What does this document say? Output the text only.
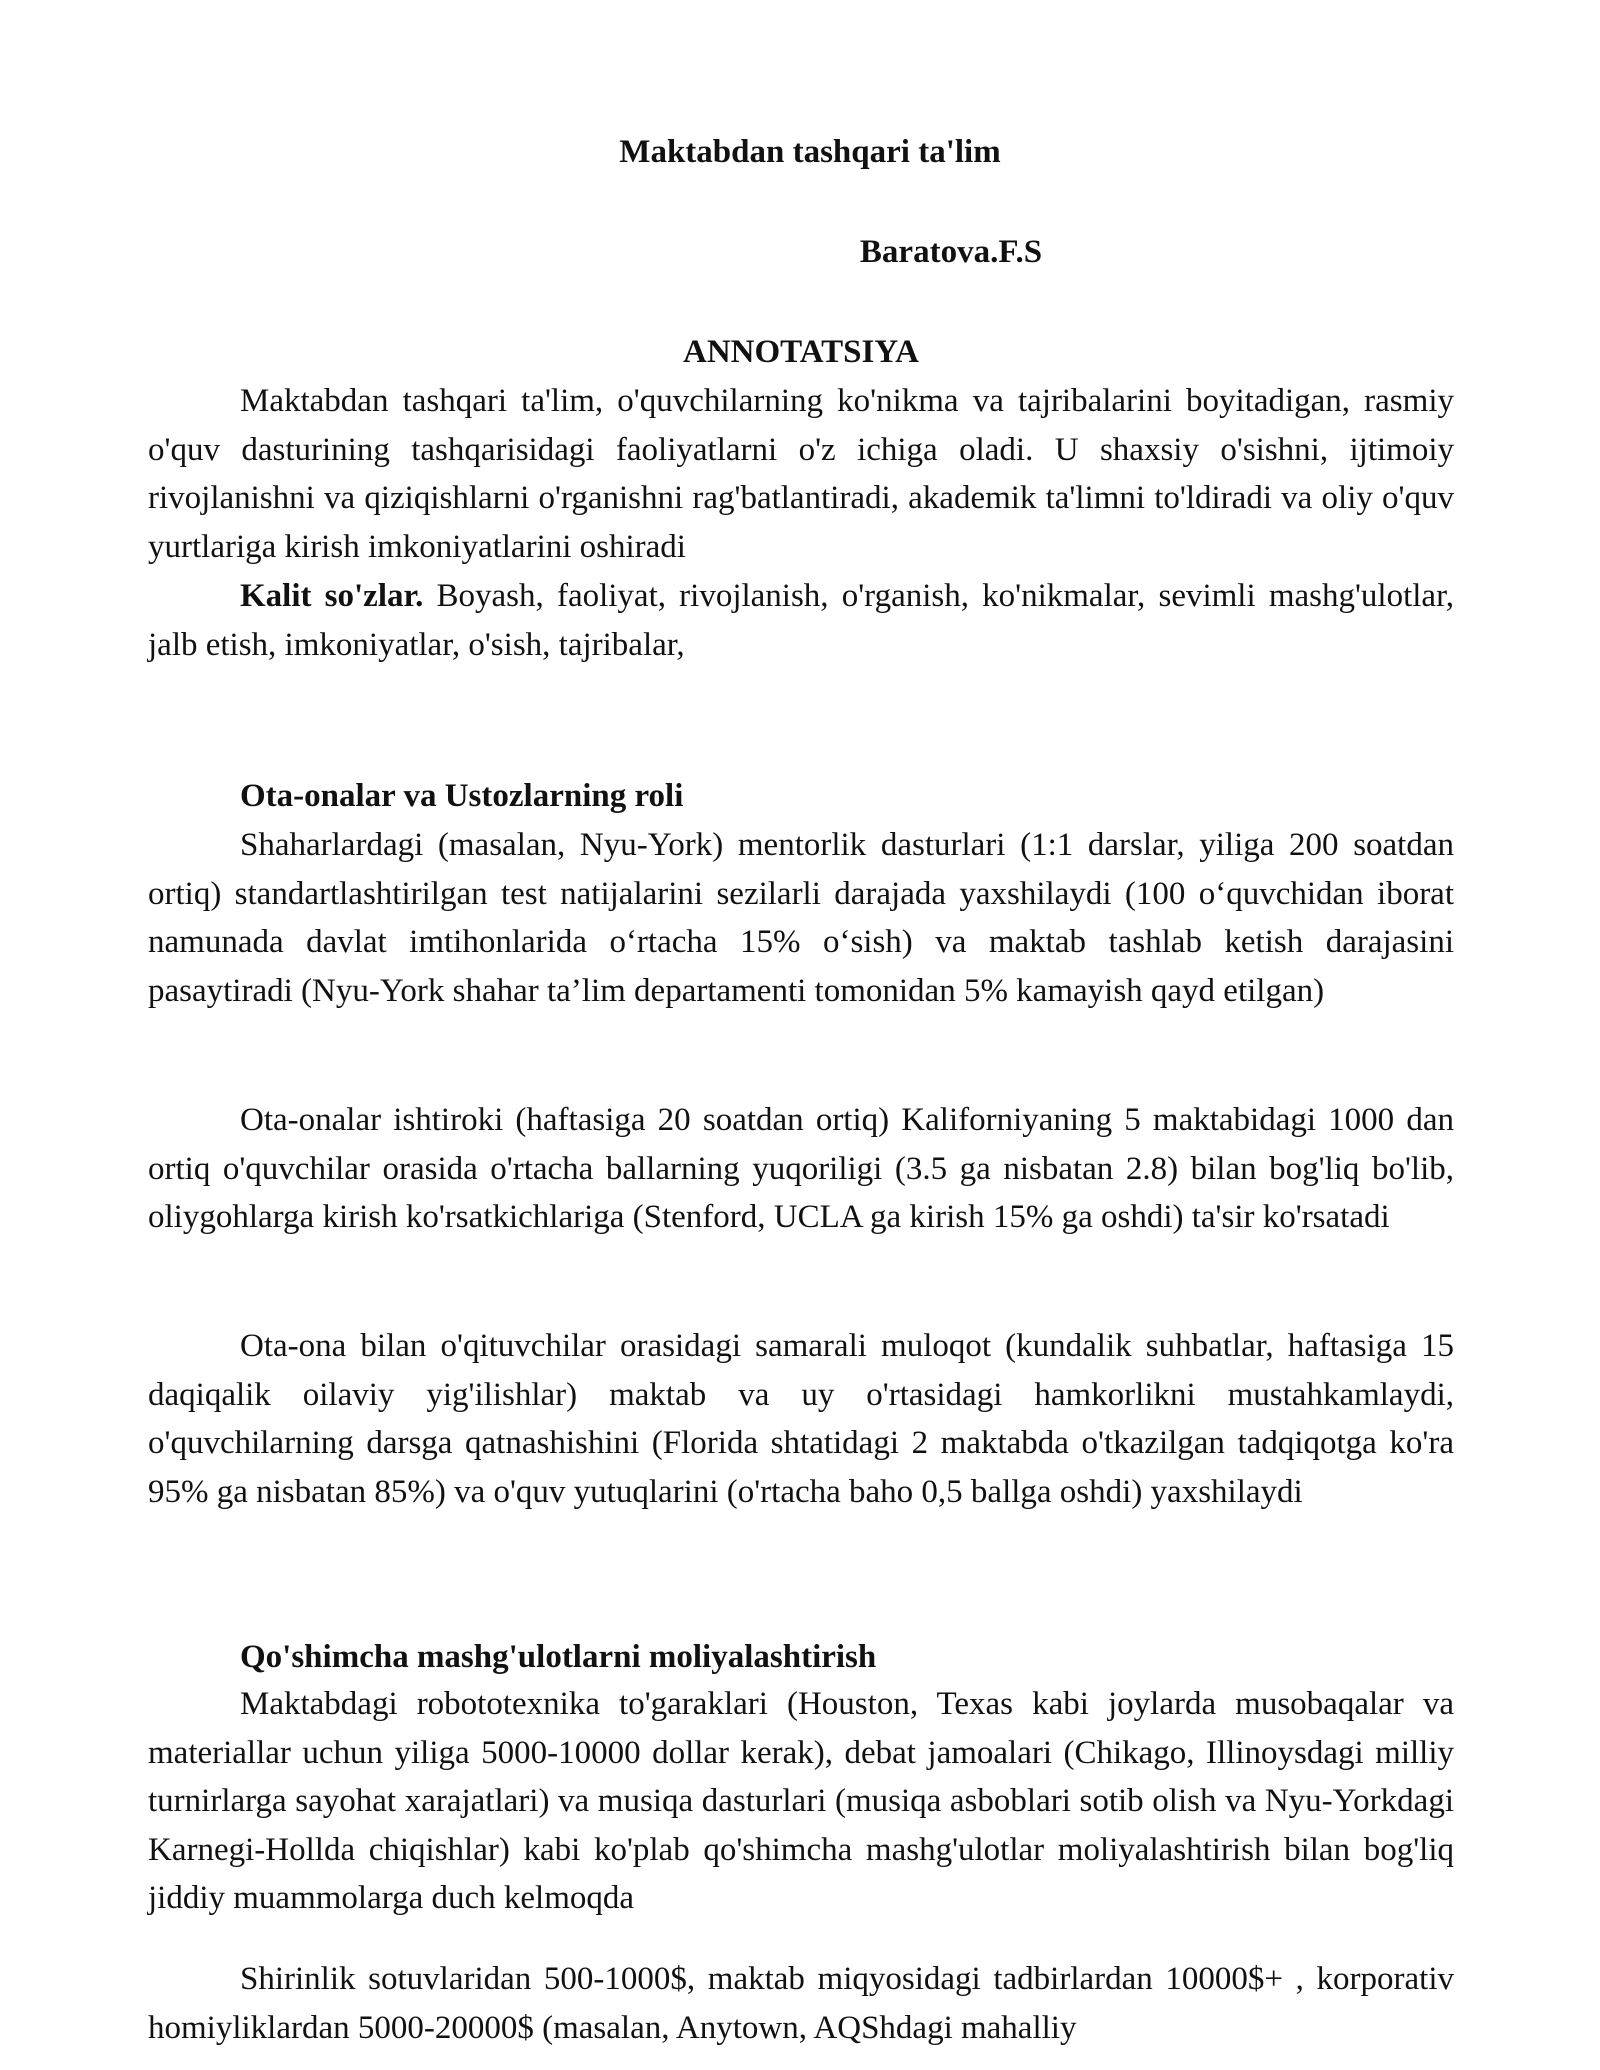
Maktabdan tashqari ta'lim

Baratova.F.S

ANNOTATSIYA

Maktabdan tashqari ta'lim, o'quvchilarning ko'nikma va tajribalarini boyitadigan, rasmiy o'quv dasturining tashqarisidagi faoliyatlarni o'z ichiga oladi. U shaxsiy o'sishni, ijtimoiy rivojlanishni va qiziqishlarni o'rganishni rag'batlantiradi, akademik ta'limni to'ldiradi va oliy o'quv yurtlariga kirish imkoniyatlarini oshiradi

Kalit so'zlar. Boyash, faoliyat, rivojlanish, o'rganish, ko'nikmalar, sevimli mashg'ulotlar, jalb etish, imkoniyatlar, o'sish, tajribalar,

Ota-onalar va Ustozlarning roli

Shaharlardagi (masalan, Nyu-York) mentorlik dasturlari (1:1 darslar, yiliga 200 soatdan ortiq) standartlashtirilgan test natijalarini sezilarli darajada yaxshilaydi (100 o‘quvchidan iborat namunada davlat imtihonlarida o‘rtacha 15% o‘sish) va maktab tashlab ketish darajasini pasaytiradi (Nyu-York shahar ta’lim departamenti tomonidan 5% kamayish qayd etilgan)

Ota-onalar ishtiroki (haftasiga 20 soatdan ortiq) Kaliforniyaning 5 maktabidagi 1000 dan ortiq o'quvchilar orasida o'rtacha ballarning yuqoriligi (3.5 ga nisbatan 2.8) bilan bog'liq bo'lib, oliygohlarga kirish ko'rsatkichlariga (Stenford, UCLA ga kirish 15% ga oshdi) ta'sir ko'rsatadi

Ota-ona bilan o'qituvchilar orasidagi samarali muloqot (kundalik suhbatlar, haftasiga 15 daqiqalik oilaviy yig'ilishlar) maktab va uy o'rtasidagi hamkorlikni mustahkamlaydi, o'quvchilarning darsga qatnashishini (Florida shtatidagi 2 maktabda o'tkazilgan tadqiqotga ko'ra 95% ga nisbatan 85%) va o'quv yutuqlarini (o'rtacha baho 0,5 ballga oshdi) yaxshilaydi

Qo'shimcha mashg'ulotlarni moliyalashtirish

Maktabdagi robototexnika to'garaklari (Houston, Texas kabi joylarda musobaqalar va materiallar uchun yiliga 5000-10000 dollar kerak), debat jamoalari (Chikago, Illinoysdagi milliy turnirlarga sayohat xarajatlari) va musiqa dasturlari (musiqa asboblari sotib olish va Nyu-Yorkdagi Karnegi-Hollda chiqishlar) kabi ko'plab qo'shimcha mashg'ulotlar moliyalashtirish bilan bog'liq jiddiy muammolarga duch kelmoqda

Shirinlik sotuvlaridan 500-1000$, maktab miqyosidagi tadbirlardan 10000$+ , korporativ homiyliklardan 5000-20000$ (masalan, Anytown, AQShdagi mahalliy
